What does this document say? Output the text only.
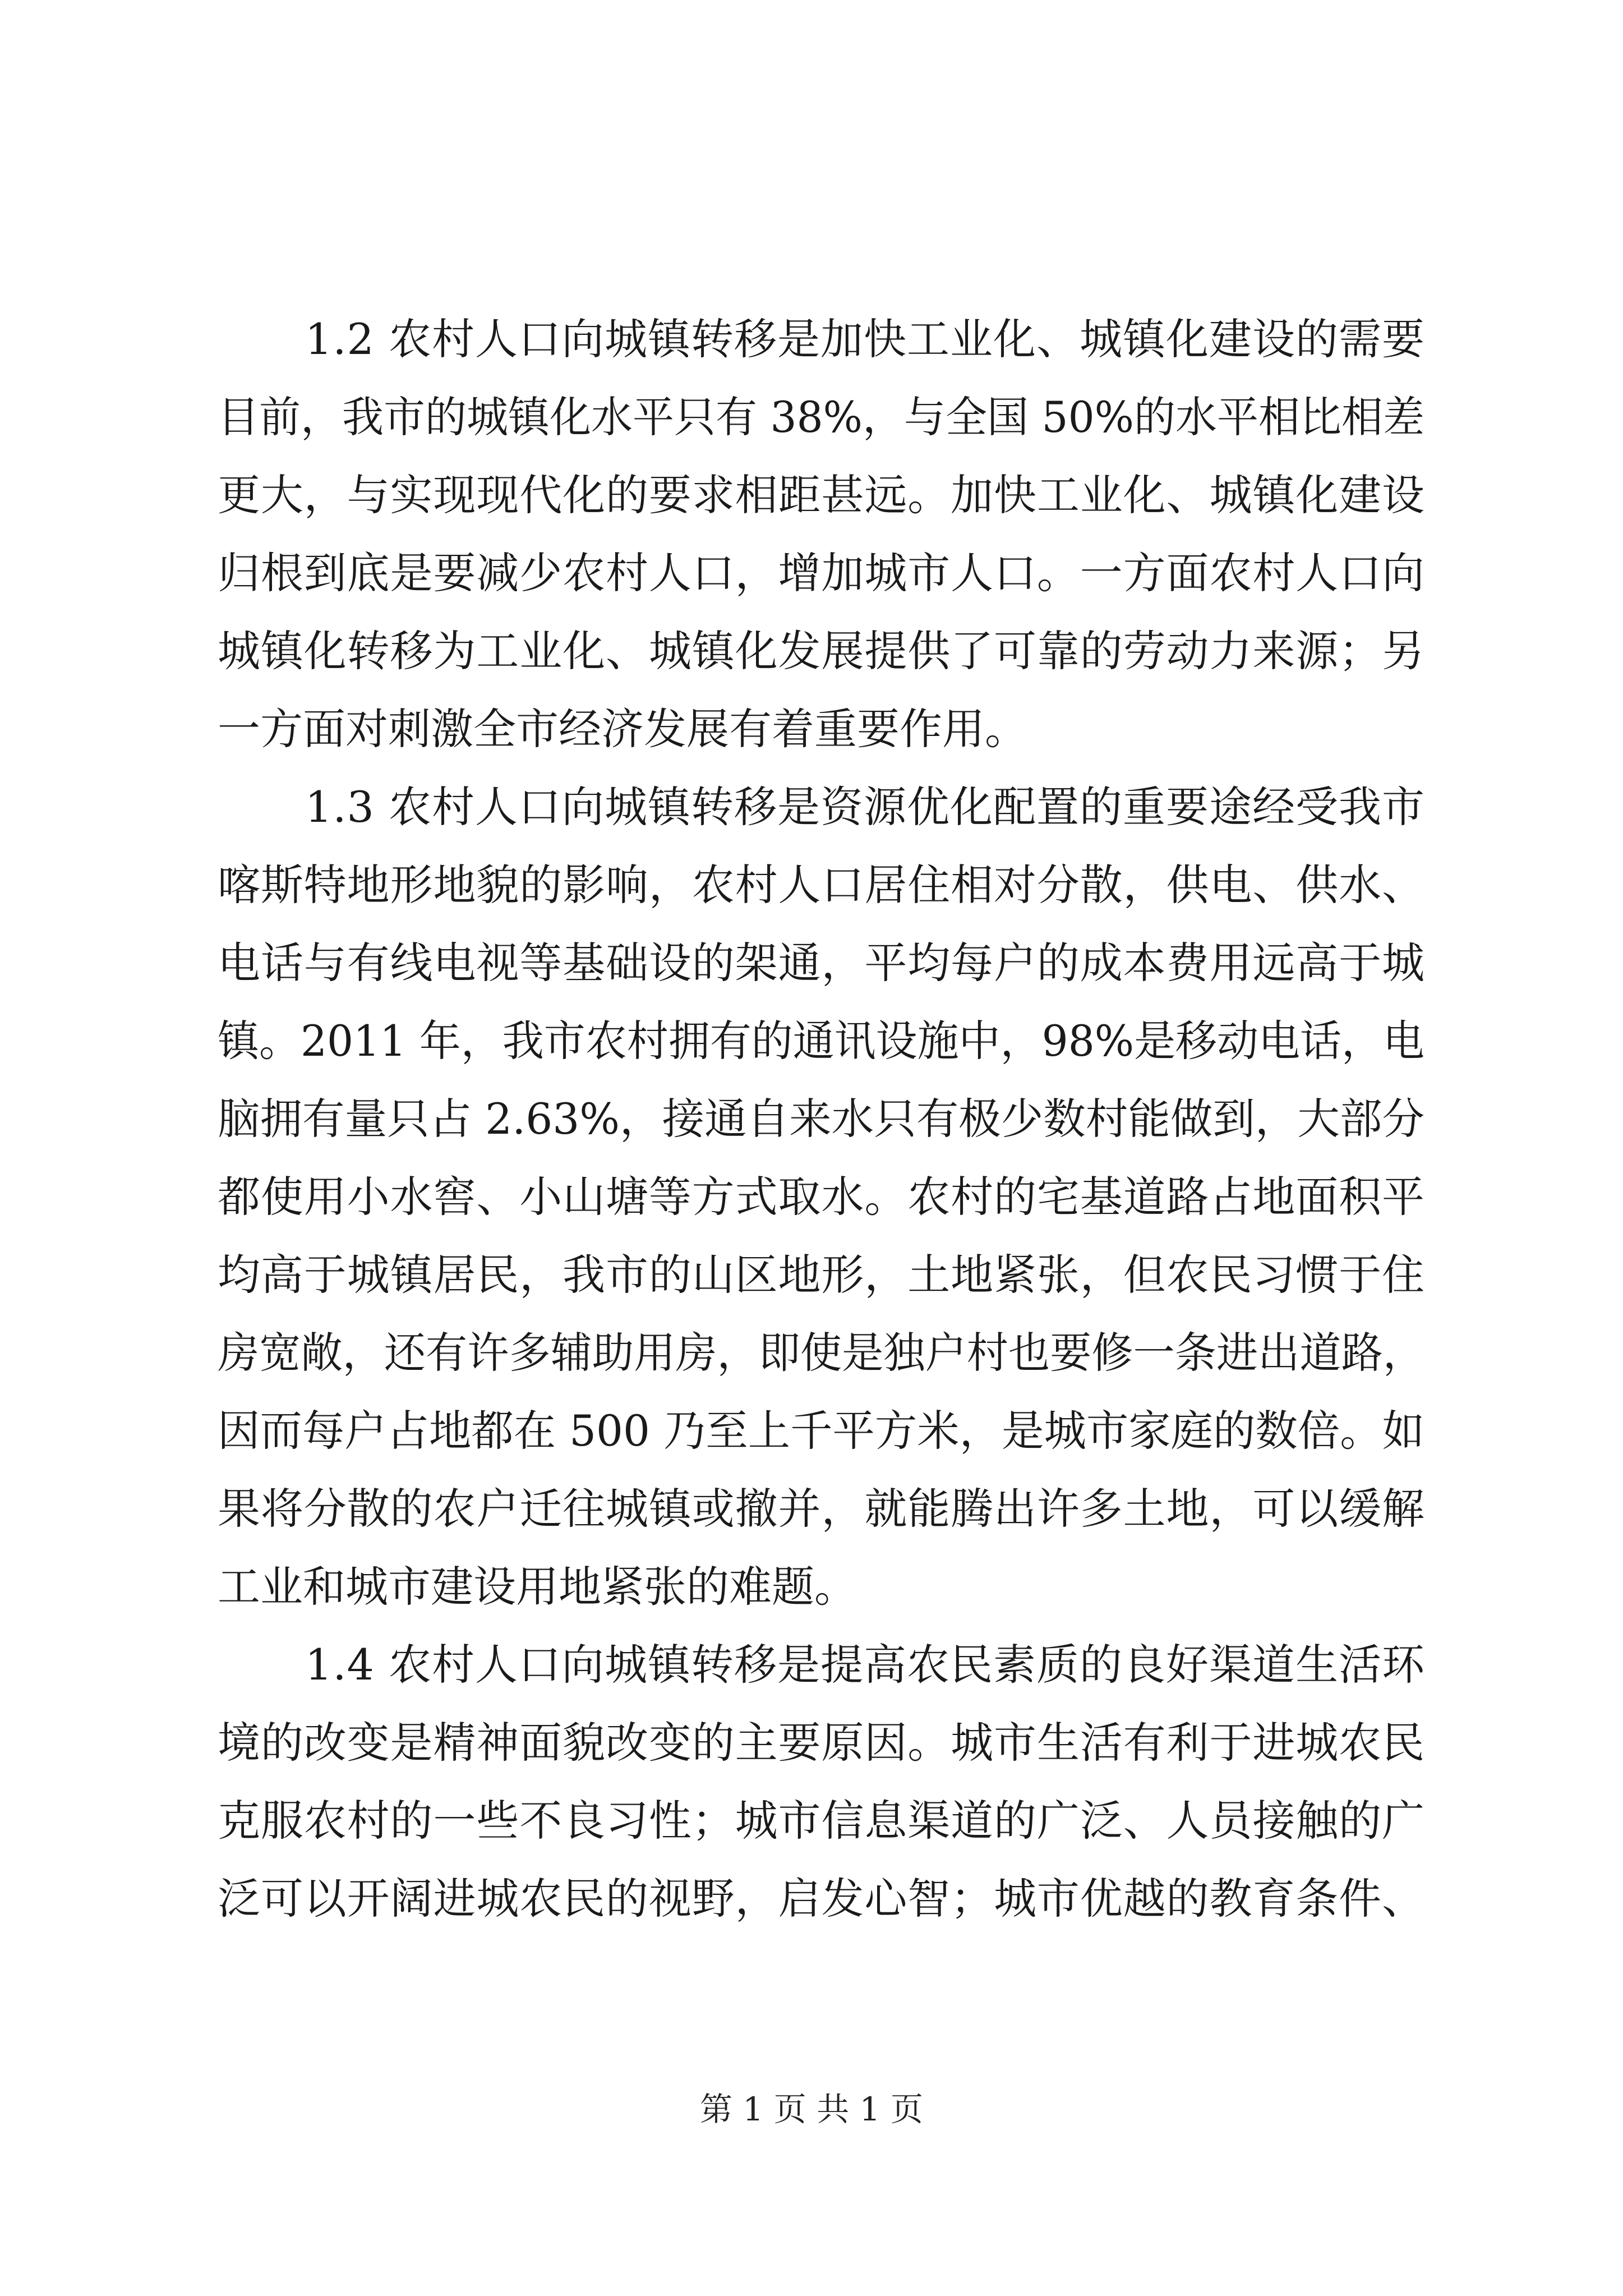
1.2 农村人口向城镇转移是加快工业化、城镇化建设的需要
目前，我市的城镇化水平只有 38%，与全国 50%的水平相比相差
更大，与实现现代化的要求相距甚远。加快工业化、城镇化建设
归根到底是要减少农村人口，增加城市人口。一方面农村人口向
城镇化转移为工业化、城镇化发展提供了可靠的劳动力来源；另
一方面对刺激全市经济发展有着重要作用。
1.3 农村人口向城镇转移是资源优化配置的重要途经受我市
喀斯特地形地貌的影响，农村人口居住相对分散，供电、供水、
电话与有线电视等基础设的架通，平均每户的成本费用远高于城
镇。2011 年，我市农村拥有的通讯设施中，98%是移动电话，电
脑拥有量只占 2.63%，接通自来水只有极少数村能做到，大部分
都使用小水窖、小山塘等方式取水。农村的宅基道路占地面积平
均高于城镇居民，我市的山区地形，土地紧张，但农民习惯于住
房宽敞，还有许多辅助用房，即使是独户村也要修一条进出道路，
因而每户占地都在 500 乃至上千平方米，是城市家庭的数倍。如
果将分散的农户迁往城镇或撤并，就能腾出许多土地，可以缓解
工业和城市建设用地紧张的难题。
1.4 农村人口向城镇转移是提高农民素质的良好渠道生活环
境的改变是精神面貌改变的主要原因。城市生活有利于进城农民
克服农村的一些不良习性；城市信息渠道的广泛、人员接触的广
泛可以开阔进城农民的视野，启发心智；城市优越的教育条件、
第 1 页 共 1 页
